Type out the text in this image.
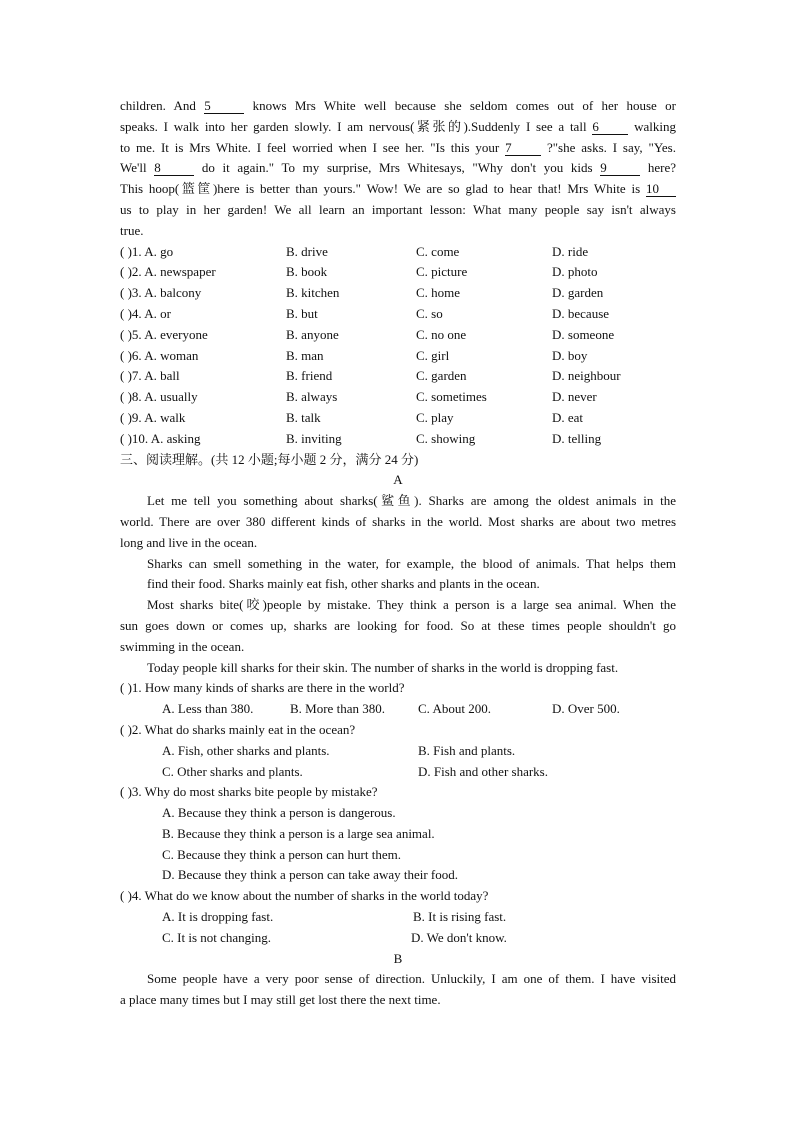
children. And 5	knows Mrs White well because she seldom comes out of her house or
speaks. I walk into her garden slowly. I am nervous(紧张的).Suddenly I see a tall 6 walking
to me. It is Mrs White. I feel worried when I see her. "Is this your 7 ?"she asks. I say, "Yes.
We'll 8	do it again." To my surprise, Mrs Whitesays, "Why don't you kids 9	here?
This hoop(篮筐)here is better than yours." Wow! We are so glad to hear that! Mrs White is 10
us to play in her garden! We all learn an important lesson: What many people say isn't always
true.
( )1. A. go	B. drive	C. come	D. ride
( )2. A. newspaper	B. book	C. picture	D. photo
( )3. A. balcony	B. kitchen	C. home	D. garden
( )4. A. or	B. but	C. so	D. because
( )5. A. everyone	B. anyone	C. no one	D. someone
( )6. A. woman	B. man	C. girl	D. boy
( )7. A. ball	B. friend	C. garden	D. neighbour
( )8. A. usually	B. always	C. sometimes	D. never
( )9. A. walk	B. talk	C. play	D. eat
( )10. A. asking	B. inviting	C. showing	D. telling
三、阅读理解。(共 12 小题;每小题 2 分，满分 24 分)
A
Let me tell you something about sharks(鲨鱼). Sharks are among the oldest animals in the
world. There are over 380 different kinds of sharks in the world. Most sharks are about two metres
long and live in the ocean.
Sharks can smell something in the water, for example, the blood of animals. That helps them
find their food. Sharks mainly eat fish, other sharks and plants in the ocean.
Most sharks bite(咬)people by mistake. They think a person is a large sea animal. When the
sun goes down or comes up, sharks are looking for food. So at these times people shouldn't go
swimming in the ocean.
Today people kill sharks for their skin. The number of sharks in the world is dropping fast.
( )1. How many kinds of sharks are there in the world?
A. Less than 380.	B. More than 380.	C. About 200.	D. Over 500.
( )2. What do sharks mainly eat in the ocean?
A. Fish, other sharks and plants.	B. Fish and plants.
C. Other sharks and plants.	D. Fish and other sharks.
( )3. Why do most sharks bite people by mistake?
A. Because they think a person is dangerous.
B. Because they think a person is a large sea animal.
C. Because they think a person can hurt them.
D. Because they think a person can take away their food.
( )4. What do we know about the number of sharks in the world today?
A. It is dropping fast.	B. It is rising fast.
C. It is not changing.	D. We don't know.
B
Some people have a very poor sense of direction. Unluckily, I am one of them. I have visited
a place many times but I may still get lost there the next time.
